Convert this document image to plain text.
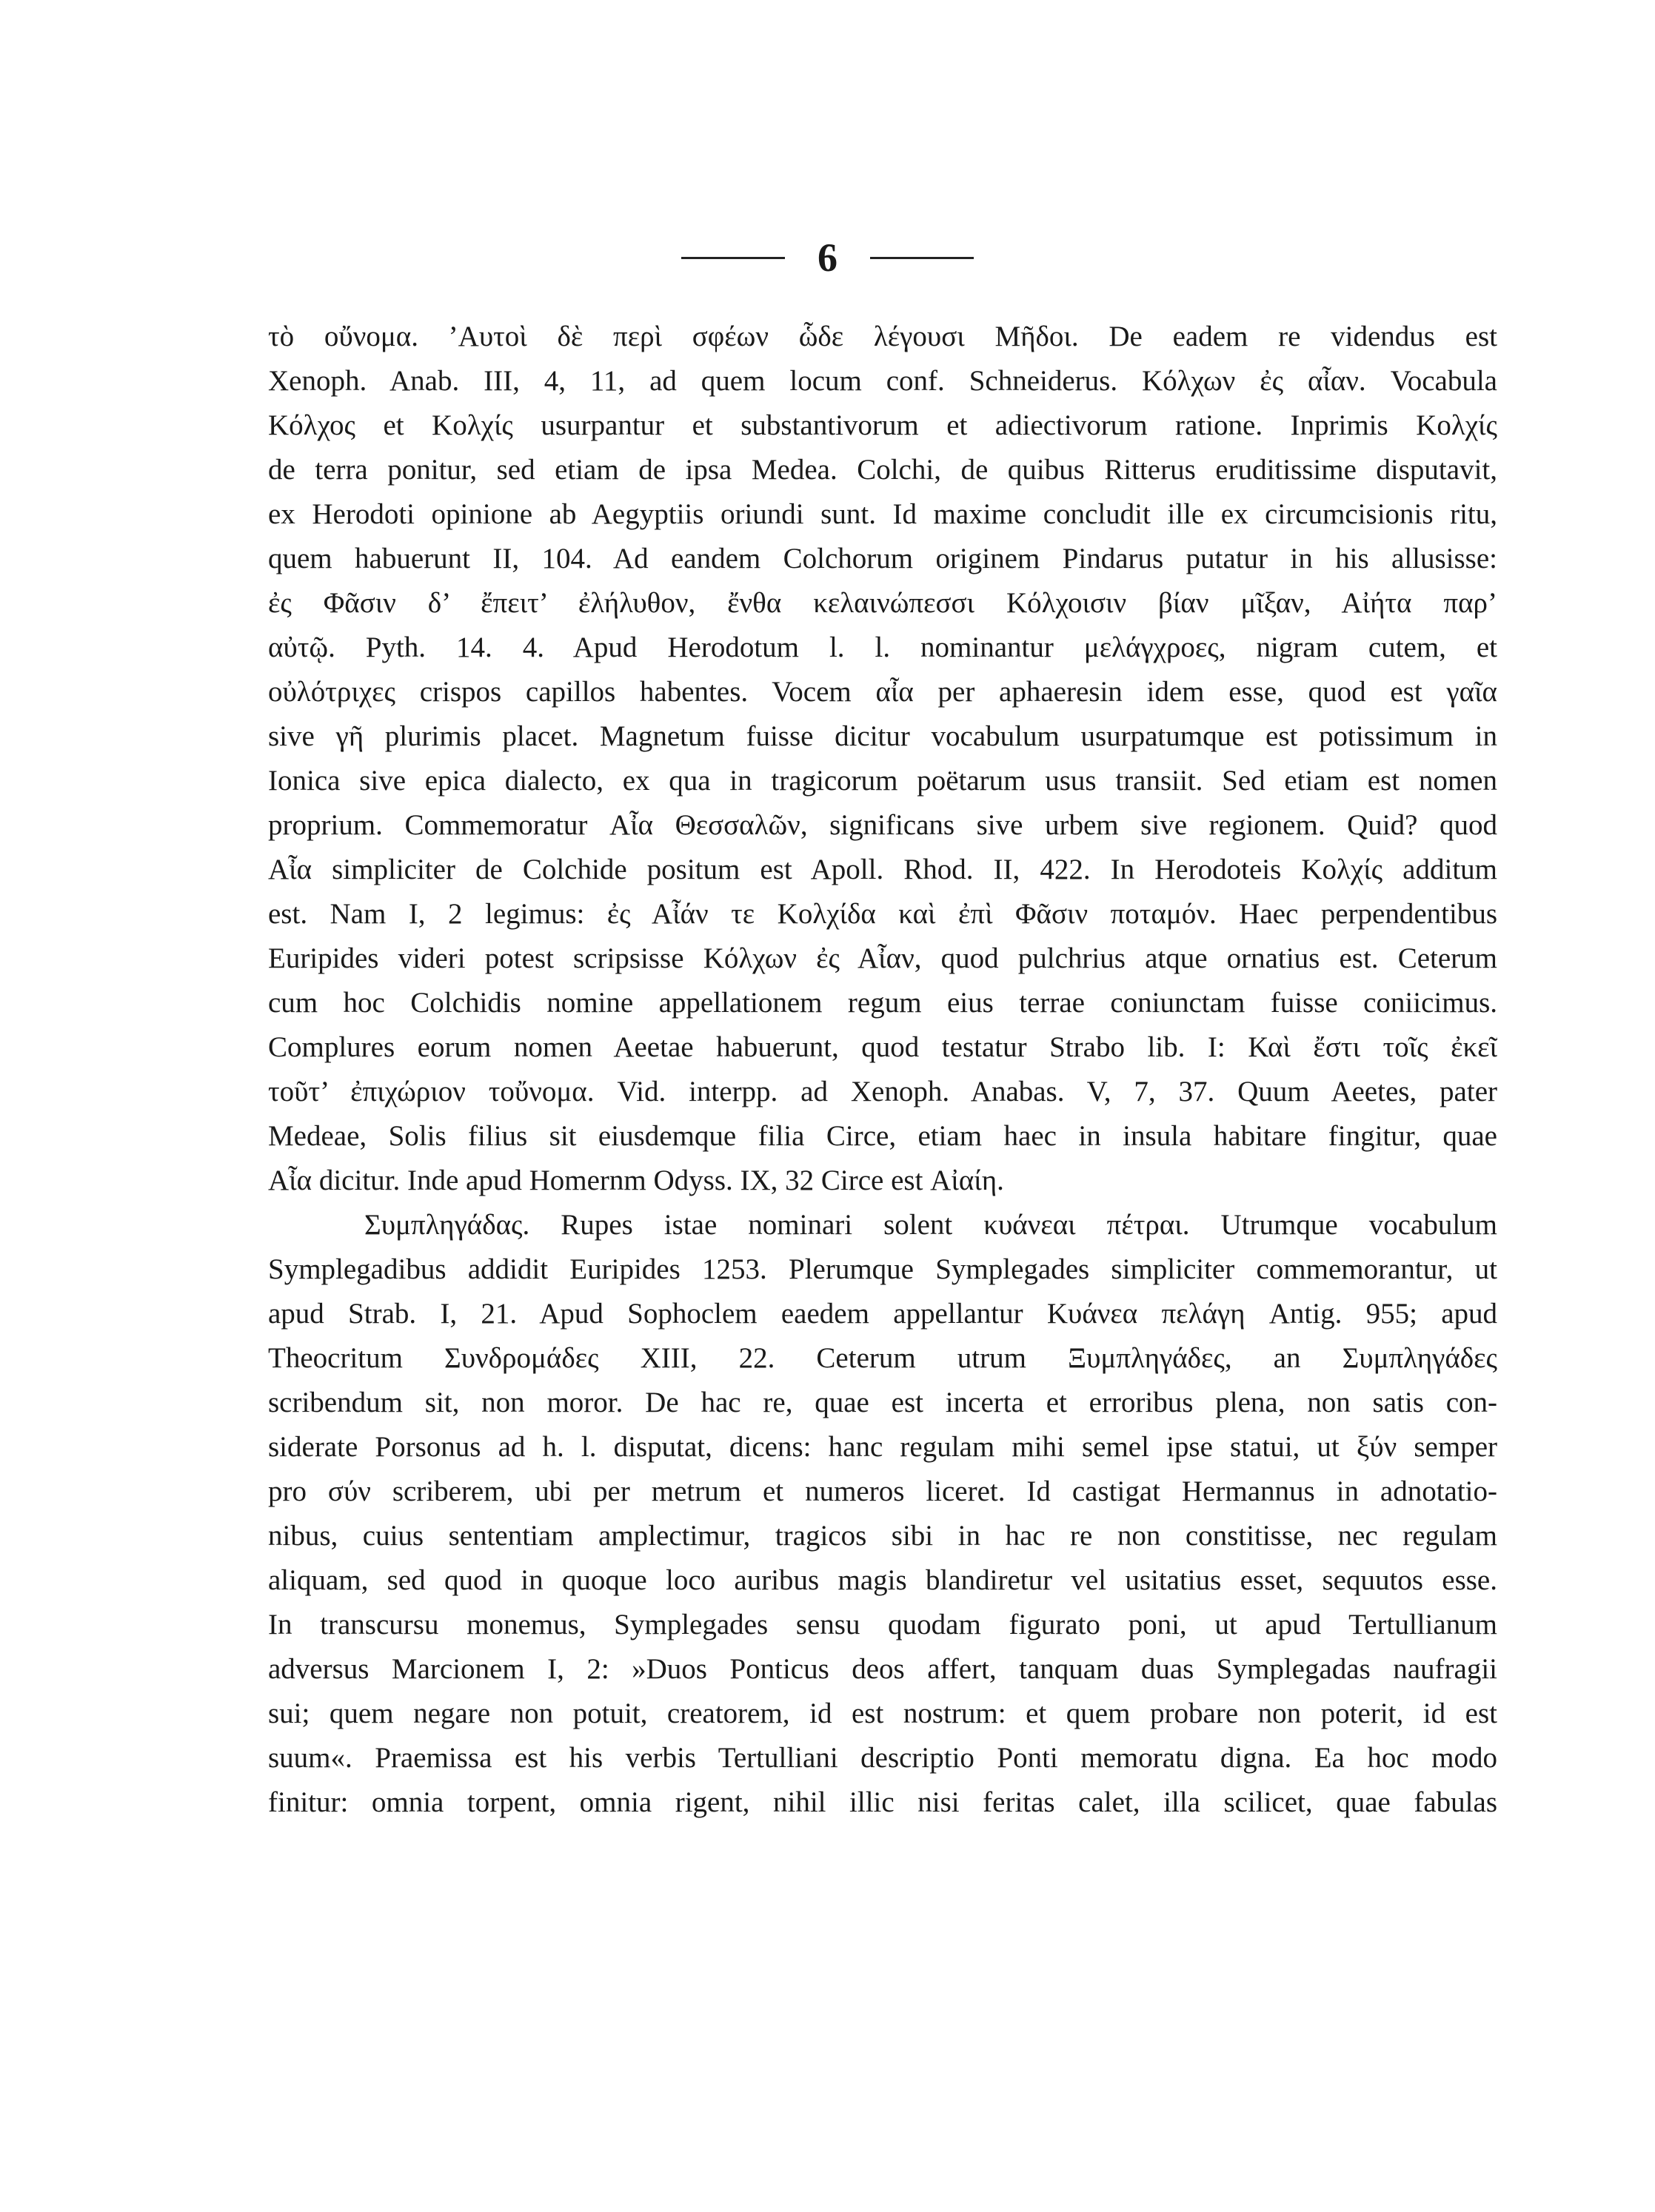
6
τὸ οὔνομα. ’Αυτοὶ δὲ περὶ σφέων ὧδε λέγουσι Μῆδοι. De eadem re videndus est
Xenoph. Anab. III, 4, 11, ad quem locum conf. Schneiderus. Κόλχων ἐς αἶαν. Vocabula
Κόλχος et Κολχίς usurpantur et substantivorum et adiectivorum ratione. Inprimis Κολχίς
de terra ponitur, sed etiam de ipsa Medea. Colchi, de quibus Ritterus eruditissime disputavit,
ex Herodoti opinione ab Aegyptiis oriundi sunt. Id maxime concludit ille ex circumcisionis ritu,
quem habuerunt II, 104. Ad eandem Colchorum originem Pindarus putatur in his allusisse:
ἐς Φᾶσιν δ’ ἔπειτ’ ἐλήλυθον, ἔνθα κελαινώπεσσι Κόλχοισιν βίαν μῖξαν, Αἰήτα παρ’
αὐτῷ. Pyth. 14. 4. Apud Herodotum l. l. nominantur μελάγχροες, nigram cutem, et
οὐλότριχες crispos capillos habentes. Vocem αἶα per aphaeresin idem esse, quod est γαῖα
sive γῆ plurimis placet. Magnetum fuisse dicitur vocabulum usurpatumque est potissimum in
Ionica sive epica dialecto, ex qua in tragicorum poëtarum usus transiit. Sed etiam est nomen
proprium. Commemoratur Αἶα Θεσσαλῶν, significans sive urbem sive regionem. Quid? quod
Αἶα simpliciter de Colchide positum est Apoll. Rhod. II, 422. In Herodoteis Κολχίς additum
est. Nam I, 2 legimus: ἐς Αἶάν τε Κολχίδα καὶ ἐπὶ Φᾶσιν ποταμόν. Haec perpendentibus
Euripides videri potest scripsisse Κόλχων ἐς Αἶαν, quod pulchrius atque ornatius est. Ceterum
cum hoc Colchidis nomine appellationem regum eius terrae coniunctam fuisse coniicimus.
Complures eorum nomen Aeetae habuerunt, quod testatur Strabo lib. I: Καὶ ἔστι τοῖς ἐκεῖ
τοῦτ’ ἐπιχώριον τοὔνομα. Vid. interpp. ad Xenoph. Anabas. V, 7, 37. Quum Aeetes, pater
Medeae, Solis filius sit eiusdemque filia Circe, etiam haec in insula habitare fingitur, quae
Αἶα dicitur. Inde apud Homernm Odyss. IX, 32 Circe est Αἰαίη.
Συμπληγάδας. Rupes istae nominari solent κυάνεαι πέτραι. Utrumque vocabulum
Symplegadibus addidit Euripides 1253. Plerumque Symplegades simpliciter commemorantur, ut
apud Strab. I, 21. Apud Sophoclem eaedem appellantur Κυάνεα πελάγη Antig. 955; apud
Theocritum Συνδρομάδες XIII, 22. Ceterum utrum Ξυμπληγάδες, an Συμπληγάδες
scribendum sit, non moror. De hac re, quae est incerta et erroribus plena, non satis con-
siderate Porsonus ad h. l. disputat, dicens: hanc regulam mihi semel ipse statui, ut ξύν semper
pro σύν scriberem, ubi per metrum et numeros liceret. Id castigat Hermannus in adnotatio-
nibus, cuius sententiam amplectimur, tragicos sibi in hac re non constitisse, nec regulam
aliquam, sed quod in quoque loco auribus magis blandiretur vel usitatius esset, sequutos esse.
In transcursu monemus, Symplegades sensu quodam figurato poni, ut apud Tertullianum
adversus Marcionem I, 2: »Duos Ponticus deos affert, tanquam duas Symplegadas naufragii
sui; quem negare non potuit, creatorem, id est nostrum: et quem probare non poterit, id est
suum«. Praemissa est his verbis Tertulliani descriptio Ponti memoratu digna. Ea hoc modo
finitur: omnia torpent, omnia rigent, nihil illic nisi feritas calet, illa scilicet, quae fabulas
